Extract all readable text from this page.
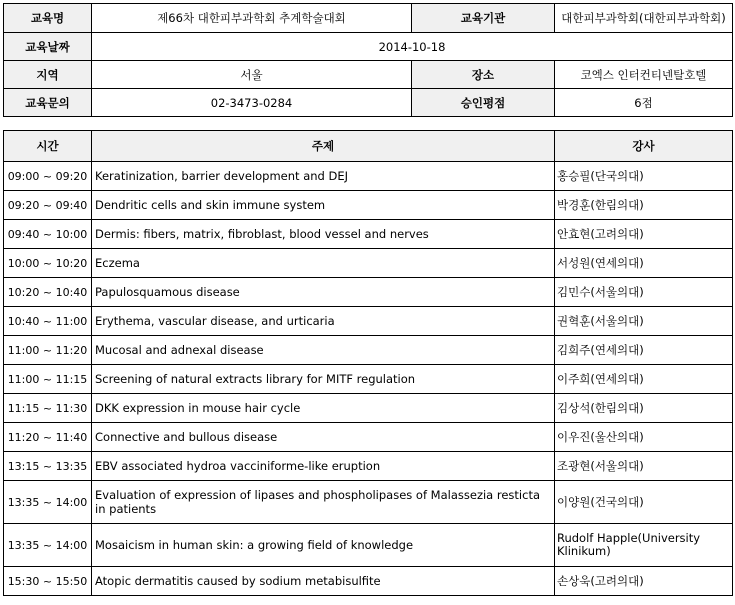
교육명	제66차 대한피부과학회 추계학술대회	교육기관	대한피부과학회(대한피부과학회)
교육날짜	2014-10-18		
지역	서울	장소	코엑스 인터컨티넨탈호텔
교육문의	02-3473-0284	승인평점	6점
시간	주제	강사
09:00 ~ 09:20	Keratinization, barrier development and DEJ	홍승필(단국의대)
09:20 ~ 09:40	Dendritic cells and skin immune system	박경훈(한림의대)
09:40 ~ 10:00	Dermis: fibers, matrix, fibroblast, blood vessel and nerves	안효현(고려의대)
10:00 ~ 10:20	Eczema	서성원(연세의대)
10:20 ~ 10:40	Papulosquamous disease	김민수(서울의대)
10:40 ~ 11:00	Erythema, vascular disease, and urticaria	권혁훈(서울의대)
11:00 ~ 11:20	Mucosal and adnexal disease	김희주(연세의대)
11:00 ~ 11:15	Screening of natural extracts library for MITF regulation	이주희(연세의대)
11:15 ~ 11:30	DKK expression in mouse hair cycle	김상석(한림의대)
11:20 ~ 11:40	Connective and bullous disease	이우진(울산의대)
13:15 ~ 13:35	EBV associated hydroa vacciniforme-like eruption	조광현(서울의대)
13:35 ~ 14:00	Evaluation of expression of lipases and phospholipases of Malassezia resticta in patients	이양원(건국의대)
13:35 ~ 14:00	Mosaicism in human skin: a growing field of knowledge	Rudolf Happle(University Klinikum)
15:30 ~ 15:50	Atopic dermatitis caused by sodium metabisulfite	손상욱(고려의대)
